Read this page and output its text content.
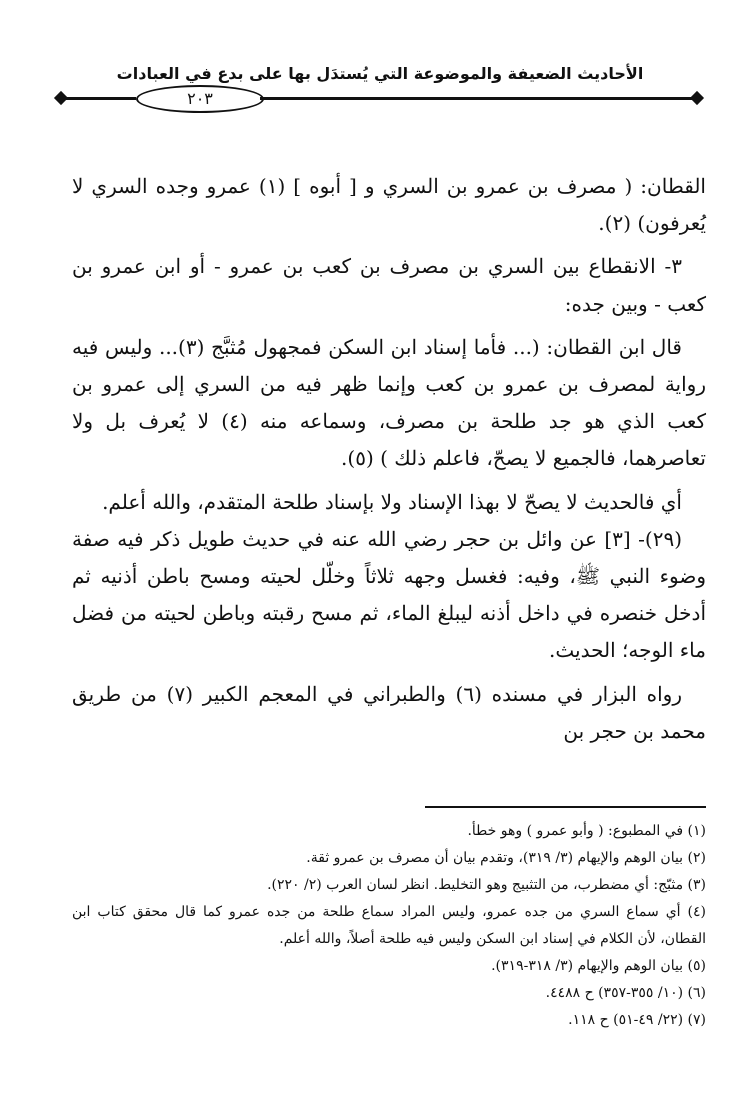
الأحاديث الضعيفة والموضوعة التي يُستدَل بها على بدع في العبادات
٢٠٣

القطان: ( مصرف بن عمرو بن السري و [ أبوه ] (١) عمرو وجده السري لا يُعرفون) (٢).

٣- الانقطاع بين السري بن مصرف بن كعب بن عمرو - أو ابن عمرو بن كعب - وبين جده:

قال ابن القطان: (... فأما إسناد ابن السكن فمجهول مُثبَّج (٣)... وليس فيه رواية لمصرف بن عمرو بن كعب وإنما ظهر فيه من السري إلى عمرو بن كعب الذي هو جد طلحة بن مصرف، وسماعه منه (٤) لا يُعرف بل ولا تعاصرهما، فالجميع لا يصحّ، فاعلم ذلك ) (٥).

أي فالحديث لا يصحّ لا بهذا الإسناد ولا بإسناد طلحة المتقدم، والله أعلم.

(٢٩)- [٣] عن وائل بن حجر رضي الله عنه في حديث طويل ذكر فيه صفة وضوء النبي ﷺ، وفيه: فغسل وجهه ثلاثاً وخلّل لحيته ومسح باطن أذنيه ثم أدخل خنصره في داخل أذنه ليبلغ الماء، ثم مسح رقبته وباطن لحيته من فضل ماء الوجه؛ الحديث.

رواه البزار في مسنده (٦) والطبراني في المعجم الكبير (٧) من طريق محمد بن حجر بن

(١) في المطبوع: ( وأبو عمرو ) وهو خطأ.

(٢) بيان الوهم والإيهام (٣/ ٣١٩)، وتقدم بيان أن مصرف بن عمرو ثقة.

(٣) مثبّج: أي مضطرب، من التثبيج وهو التخليط. انظر لسان العرب (٢/ ٢٢٠).

(٤) أي سماع السري من جده عمرو، وليس المراد سماع طلحة من جده عمرو كما قال محقق كتاب ابن القطان، لأن الكلام في إسناد ابن السكن وليس فيه طلحة أصلاً، والله أعلم.

(٥) بيان الوهم والإيهام (٣/ ٣١٨-٣١٩).

(٦) (١٠/ ٣٥٥-٣٥٧) ح ٤٤٨٨.

(٧) (٢٢/ ٤٩-٥١) ح ١١٨.
